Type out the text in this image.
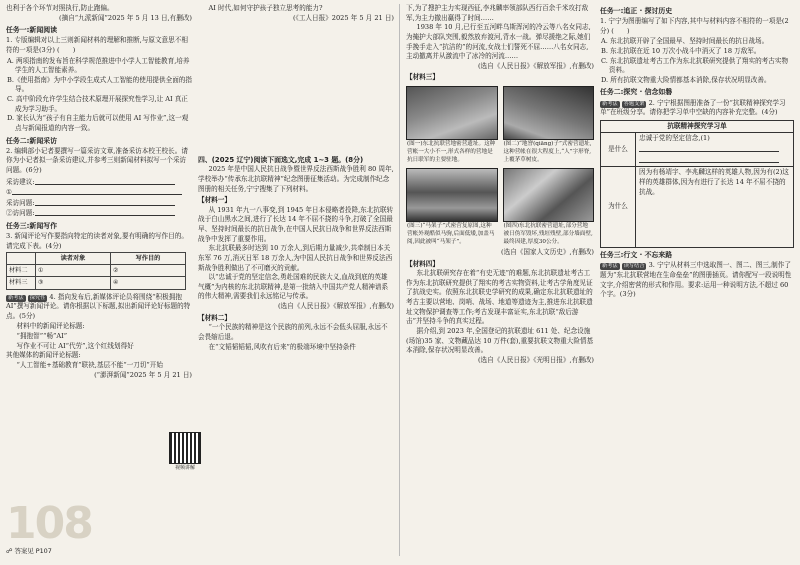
也利于各个环节对照执行,防止跑偏。

(摘自“九派新闻”2025 年 5 月 13 日,有删改)

任务一:新闻阅读

1. 专版编辑对以上三则新闻材料的理解和推断,与原文意思不相符的一项是(3分) (　　)

A. 两项指南的发布旨在科学规范推进中小学人工智能教育,培养学生的人工智能素养。

B.《使用指南》为中小学段生成式人工智能的使用提供全面的指导。

C. 高中阶段允许学生结合技术原理开展探究性学习,让 AI 真正成为学习助手。

D. 家长认为“孩子有自主能力后就可以使用 AI 写作业”,这一观点与新闻报道的内容一致。

任务二:新闻采访

2. 编辑部小记者要撰写一篇采访文章,准备采访本校王校长。请你为小记者拟一条采访建议,并参考三则新闻材料拟写一个采访问题。(6分)

采访建议:

①

采访问题:

②访问题:

任务三:新闻写作

3. 新闻评论写作要指向特定的读者对象,要有明确的写作目的。请完成下表。(4分)

	读者对象	写作目的
材料二	①	②
材料三	③	④

新考法 探究性 4. 指向发布后,新媒体评论员将围绕“积极拥抱 AI”撰写新闻评论。请你根据以下标题,拟出新闻评论好标题的特点。(5分)

材料中的新闻评论标题:

“拥抱智”“畅”AI”

写作业不可让 AI“代劳”,这个红线划得好

其他媒体的新闻评论标题:

“人工智能+基础教育”联袂,基层不能“一刀切”开始

(“澎湃新闻”2025 年 5 月 21 日)

视频讲解
108
☍ 答案见 P107

AI 时代,如何守护孩子独立思考的能力?

(《工人日报》2025 年 5 月 21 日)

四、(2025 辽宁)阅读下面选文,完成 1~3 题。(8分)

2025 年是中国人民抗日战争暨世界反法西斯战争胜利 80 周年,学校举办“传承东北抗联精神”纪念图册征集活动。为完成制作纪念图册的相关任务,宁宁搜集了下列材料。

【材料一】

从 1931 年九一八事变,到 1945 年日本侵略者投降,东北抗联转战于白山黑水之间,进行了长达 14 年不屈不挠的斗争,打破了全国最早、坚持时间最长的抗日战争,在中国人民抗日战争和世界反法西斯战争中发挥了重要作用。

东北抗联最多时达到 10 万余人,到后期力量减少,共牵制日本关东军 76 万,消灭日军 18 万余人,为中国人民抗日战争和世界反法西斯战争胜利做出了不可磨灭的贡献。

以“忠诚于党的坚定信念,勇赴国难的民族大义,血战到底的英雄气概”为内核的东北抗联精神,是第一批纳入中国共产党人精神谱系的伟大精神,需要我们永远铭记与传承。

(选自《人民日报》《解放军报》,有删改)

【材料二】

“一个民族的精神是这个民族的前列,永远不会低头屈服,永远不会畏缩后退。

在“文韬韬韬韬,风吹有后来”的极端环境中坚持条件

下,为了搜护主力实现西征,李兆麟率领部队西行百余千米攻打敌军,为主力撤出赢得了时间……

1938 年 10 月,已行至五河畔乌斯浑河的冷云等八名女同志,为掩护大部队突围,毅然放弃渡河,背水一战。弹尽援绝之际,她们手挽手走入“抗洁的”的河流,女战士们誓死不屈……八名女同志,主动撤离并从激流中了冰冷的河流……

(选自《人民日报》《解放军报》,有删改)

【材料三】

(图一)东北抗联营地密营遗址。这种营帐一大小不一,形式各样的营地是抗日联军的主要驻地。
(图二)“地窨(qiāng)子”式密营遗址,这种营帐在很大程度上,“人”字形脊,上覆茅草树皮。
(图三)“马架子”式密营复原图,这种营帐外观酷似马驹,后面低矮,加盖马阅,因此被叫“马架子”。
(图四)东北抗联密营遗址,部分营地被日伪军毁坏,残垣残壁,部分墙面壁,最终因建,厚度30公分。

(选自《国家人文历史》,有删改)

【材料四】

东北抗联研究存在着“有史无迹”的难题,东北抗联遗址考古工作为东北抗联研究提供了翔实的考古实物资料,让考古学角度见证了抗战史实。依照东北抗联史学研究的成果,确定东北抗联遗址的考古主要以营地、岗哨、战场、地道等遗迹为主,推进东北抗联遗址文物保护调查等工作;考古发现丰富证实,东北抗联“敌后游击”并坚持斗争的真实过程。

据介绍,到 2023 年,全国登记的抗联遗址 611 处、纪念设施(场馆)35 家、文物藏品达 10 万件(套),重要抗联文物重大险情基本消除,保存状况明显改善。

(选自《人民日报》《光明日报》,有删改)

任务一:追正 · 探讨历史

1. 宁宁为图册编写了如下内容,其中与材料内容不相符的一项是(2分) (　　)

A. 东北抗联开辟了全国最早、坚持时间最长的抗日战场。

B. 东北抗联在近 10 万次小战斗中消灭了 18 万敌军。

C. 东北抗联遗址考古工作为东北抗联研究提供了翔实的考古实物资料。

D. 所有抗联文物重大险情都基本消除,保存状况明显改善。

任务二:探究 · 信念如磐

新考法 答题支架 2. 宁宁根据图册准备了一份“抗联精神探究学习单”在班级分享。请你把学习单中空缺的内容补充完整。(4分)

抗联精神探究学习单
是什么

忠诚于党的坚定信念,(1)

为什么
因为有杨靖宇、李兆麟这样的英雄人物,因为有(2)这样的英雄群体,因为有进行了长达 14 年不屈不挠的抗战。

任务三:行文 · 不忘来路

新考法 读写结合 3. 宁宁从材料三中选取图一、图二、图三,制作了题为“东北抗联营地在生命垒垒”的图册插页。请你配写一段说明性文字,介绍密营的形式和作用。要求:运用一种说明方法,不超过 60 个字。(3分)
